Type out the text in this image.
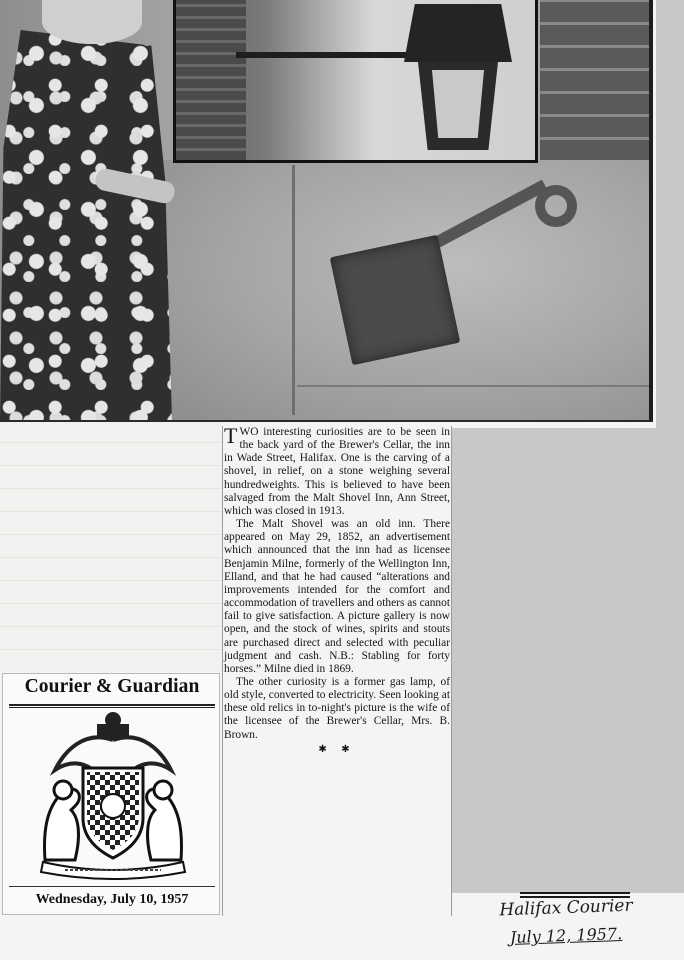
Courier & Guardian
Wednesday, July 10, 1957

TWO interesting curiosities are to be seen in the back yard of the Brewer's Cellar, the inn in Wade Street, Halifax. One is the carving of a shovel, in relief, on a stone weighing several hundredweights. This is believed to have been salvaged from the Malt Shovel Inn, Ann Street, which was closed in 1913.

The Malt Shovel was an old inn. There appeared on May 29, 1852, an advertisement which announced that the inn had as licensee Benjamin Milne, formerly of the Wellington Inn, Elland, and that he had caused “alterations and improvements intended for the comfort and accommodation of travellers and others as cannot fail to give satisfaction. A picture gallery is now open, and the stock of wines, spirits and stouts are purchased direct and selected with peculiar judgment and cash. N.B.: Stabling for forty horses.” Milne died in 1869.

The other curiosity is a former gas lamp, of old style, converted to electricity. Seen looking at these old relics in to-night's picture is the wife of the licensee of the Brewer's Cellar, Mrs. B. Brown.

✱ ✱
Halifax Courier
July 12, 1957.
